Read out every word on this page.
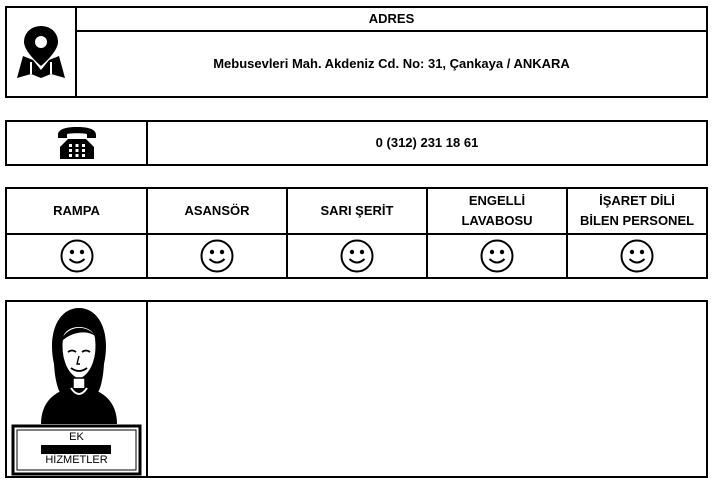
ADRES
Mebusevleri Mah. Akdeniz Cd. No: 31, Çankaya / ANKARA
0 (312) 231 18 61
RAMPA	ASANSÖR	SARI ŞERİT
ENGELLİ
LAVABOSU
İŞARET DİLİ
BİLEN PERSONEL
EK
HİZMETLER
